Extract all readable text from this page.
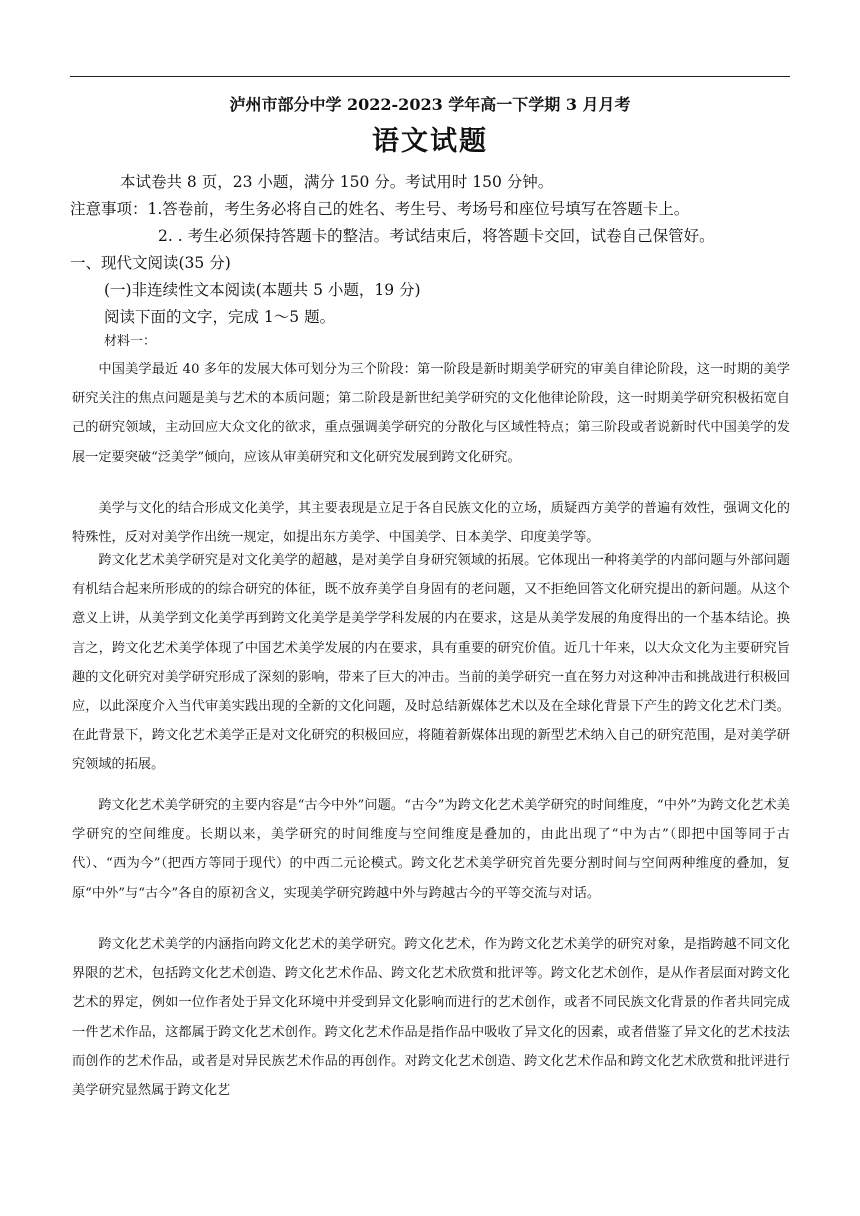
泸州市部分中学 2022-2023 学年高一下学期 3 月月考
语文试题
本试卷共 8 页，23 小题，满分 150 分。考试用时 150 分钟。
注意事项：1.答卷前，考生务必将自己的姓名、考生号、考场号和座位号填写在答题卡上。
2. . 考生必须保持答题卡的整洁。考试结束后，将答题卡交回，试卷自己保管好。
一、现代文阅读(35 分)
(一)非连续性文本阅读(本题共 5 小题，19 分)
阅读下面的文字，完成 1～5 题。
材料一：

中国美学最近 40 多年的发展大体可划分为三个阶段：第一阶段是新时期美学研究的审美自律论阶段，这一时期的美学研究关注的焦点问题是美与艺术的本质问题；第二阶段是新世纪美学研究的文化他律论阶段，这一时期美学研究积极拓宽自己的研究领域，主动回应大众文化的欲求，重点强调美学研究的分散化与区域性特点；第三阶段或者说新时代中国美学的发展一定要突破“泛美学”倾向，应该从审美研究和文化研究发展到跨文化研究。

美学与文化的结合形成文化美学，其主要表现是立足于各自民族文化的立场，质疑西方美学的普遍有效性，强调文化的特殊性，反对对美学作出统一规定，如提出东方美学、中国美学、日本美学、印度美学等。

跨文化艺术美学研究是对文化美学的超越，是对美学自身研究领域的拓展。它体现出一种将美学的内部问题与外部问题有机结合起来所形成的的综合研究的体征，既不放弃美学自身固有的老问题，又不拒绝回答文化研究提出的新问题。从这个意义上讲，从美学到文化美学再到跨文化美学是美学学科发展的内在要求，这是从美学发展的角度得出的一个基本结论。换言之，跨文化艺术美学体现了中国艺术美学发展的内在要求，具有重要的研究价值。近几十年来，以大众文化为主要研究旨趣的文化研究对美学研究形成了深刻的影响，带来了巨大的冲击。当前的美学研究一直在努力对这种冲击和挑战进行积极回应，以此深度介入当代审美实践出现的全新的文化问题，及时总结新媒体艺术以及在全球化背景下产生的跨文化艺术门类。在此背景下，跨文化艺术美学正是对文化研究的积极回应，将随着新媒体出现的新型艺术纳入自己的研究范围，是对美学研究领域的拓展。

跨文化艺术美学研究的主要内容是“古今中外”问题。“古今”为跨文化艺术美学研究的时间维度，“中外”为跨文化艺术美学研究的空间维度。长期以来，美学研究的时间维度与空间维度是叠加的，由此出现了“中为古”（即把中国等同于古代）、“西为今”（把西方等同于现代）的中西二元论模式。跨文化艺术美学研究首先要分割时间与空间两种维度的叠加，复原“中外”与“古今”各自的原初含义，实现美学研究跨越中外与跨越古今的平等交流与对话。

跨文化艺术美学的内涵指向跨文化艺术的美学研究。跨文化艺术，作为跨文化艺术美学的研究对象，是指跨越不同文化界限的艺术，包括跨文化艺术创造、跨文化艺术作品、跨文化艺术欣赏和批评等。跨文化艺术创作，是从作者层面对跨文化艺术的界定，例如一位作者处于异文化环境中并受到异文化影响而进行的艺术创作，或者不同民族文化背景的作者共同完成一件艺术作品，这都属于跨文化艺术创作。跨文化艺术作品是指作品中吸收了异文化的因素，或者借鉴了异文化的艺术技法而创作的艺术作品，或者是对异民族艺术作品的再创作。对跨文化艺术创造、跨文化艺术作品和跨文化艺术欣赏和批评进行美学研究显然属于跨文化艺
